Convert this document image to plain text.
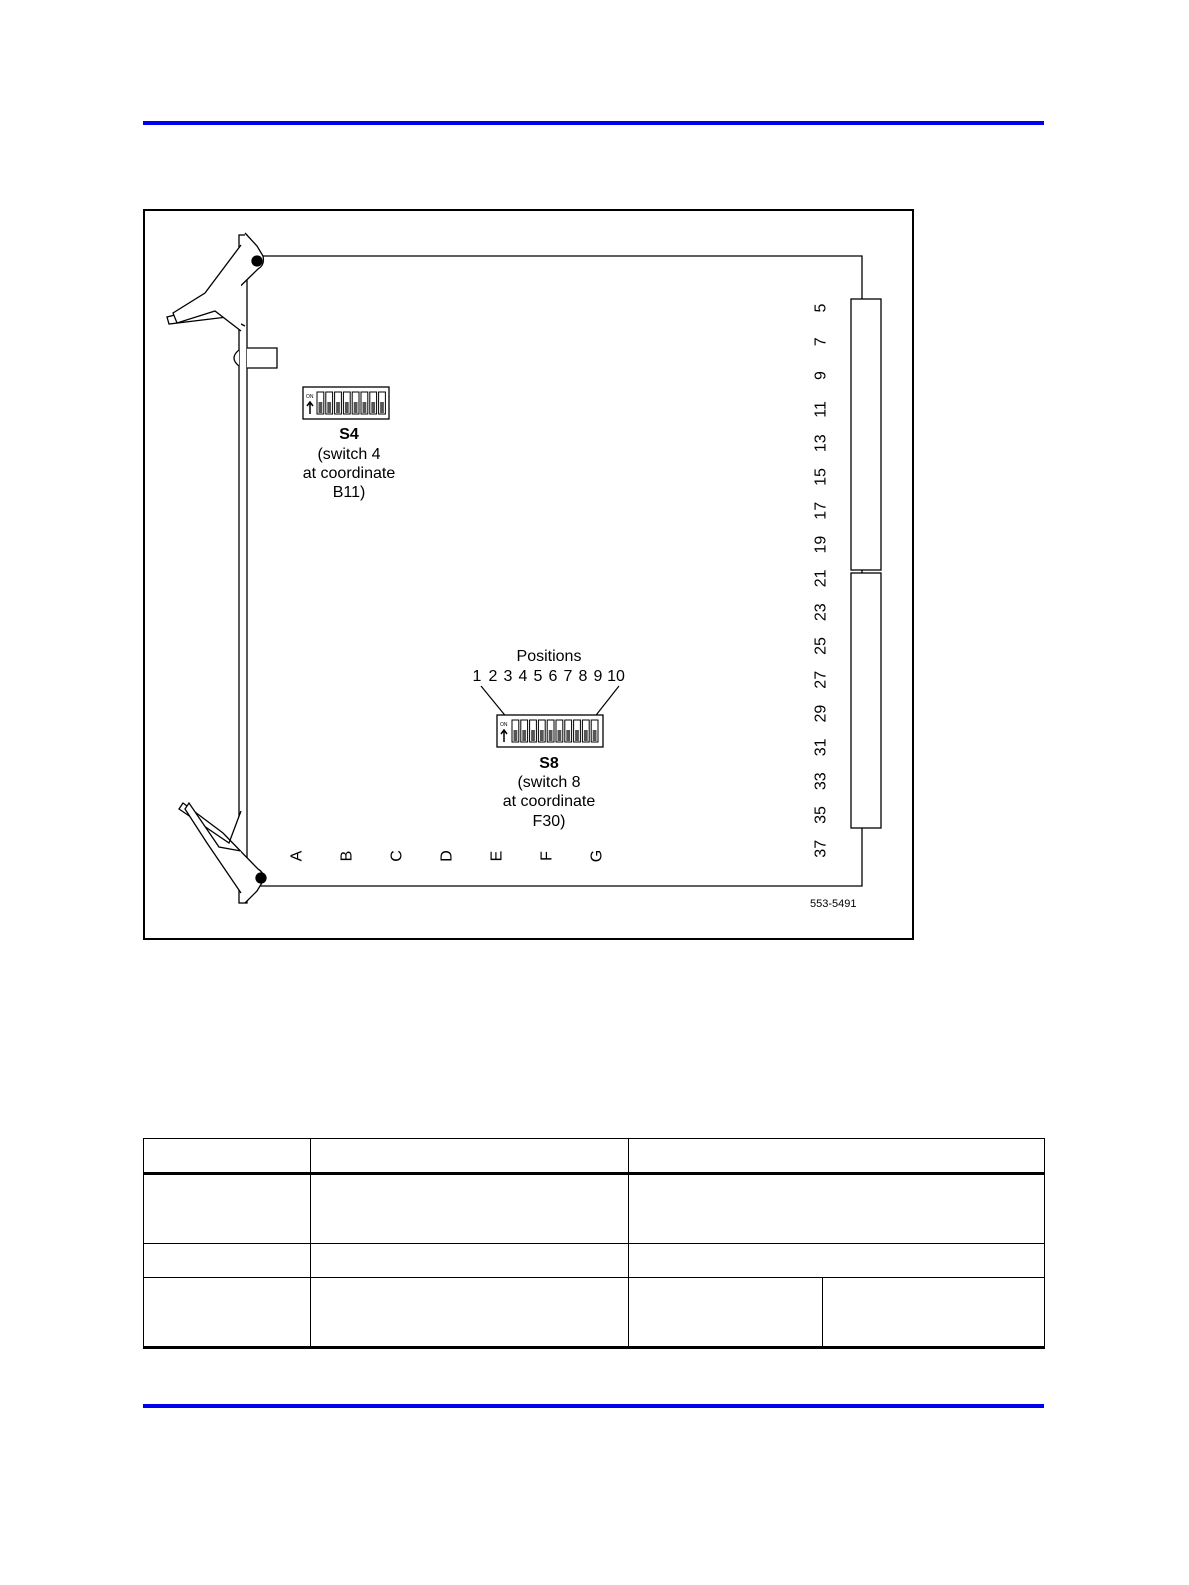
ON
S4
(switch 4
at coordinate
B11)
Positions
1 2 3 4 5 6 7 8 9 10
ON
S8
(switch 8
at coordinate
F30)
A B C D E F G
5
7
9
11
13
15
17
19
21
23
25
27
29
31
33
35
37
553-5491
